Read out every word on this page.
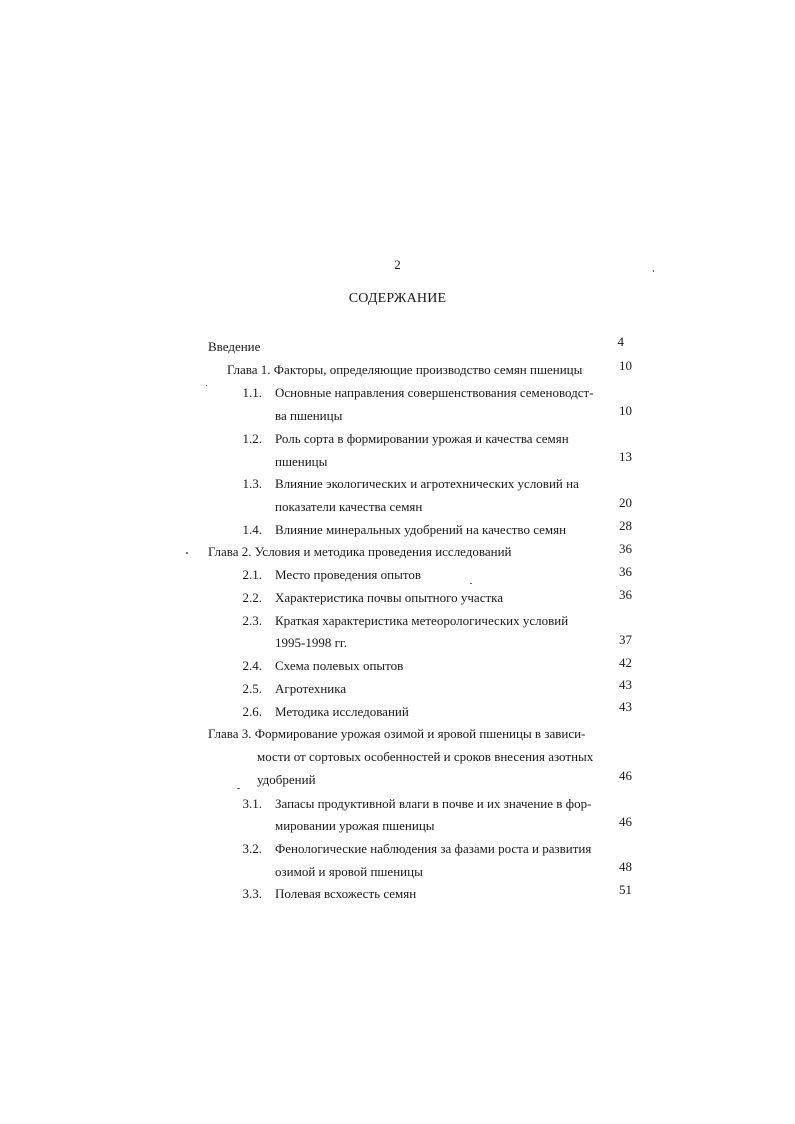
2
СОДЕРЖАНИЕ
Введение	4
Глава 1. Факторы, определяющие производство семян пшеницы	10
1.1. Основные направления совершенствования семеноводст-
ва пшеницы	10
1.2. Роль сорта в формировании урожая и качества семян
пшеницы	13
1.3. Влияние экологических и агротехнических условий на
показатели качества семян	20
1.4. Влияние минеральных удобрений на качество семян	28
Глава 2. Условия и методика проведения исследований	36
2.1. Место проведения опытов	36
2.2. Характеристика почвы опытного участка	36
2.3. Краткая характеристика метеорологических условий
1995-1998 гг.	37
2.4. Схема полевых опытов	42
2.5. Агротехника	43
2.6. Методика исследований	43
Глава 3. Формирование урожая озимой и яровой пшеницы в зависи-
мости от сортовых особенностей и сроков внесения азотных
удобрений	46
3.1. Запасы продуктивной влаги в почве и их значение в фор-
мировании урожая пшеницы	46
3.2. Фенологические наблюдения за фазами роста и развития
озимой и яровой пшеницы	48
3.3. Полевая всхожесть семян	51
